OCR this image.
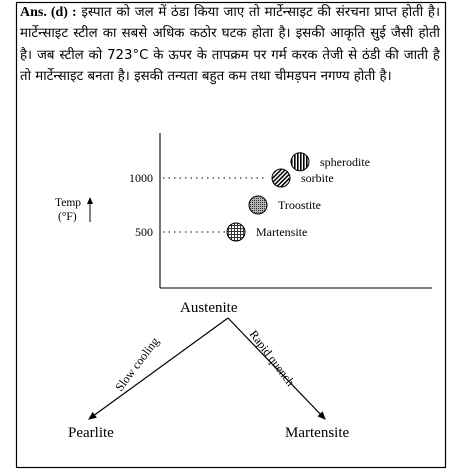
Ans. (d) : इस्पात को जल में ठंडा किया जाए तो मार्टेन्साइट की संरचना प्राप्त होती है। मार्टेन्साइट स्टील का सबसे अधिक कठोर घटक होता है। इसकी आकृति सुई जैसी होती है। जब स्टील को 723°C के ऊपर के तापक्रम पर गर्म करक तेजी से ठंडी की जाती है तो मार्टेन्साइट बनता है। इसकी तन्यता बहुत कम तथा चीमड़पन नगण्य होती है।
Temp
(°F)
1000
500
spherodite
sorbite
Troostite
Martensite
Austenite
Slow cooling	Rapid quench
Pearlite	Martensite
